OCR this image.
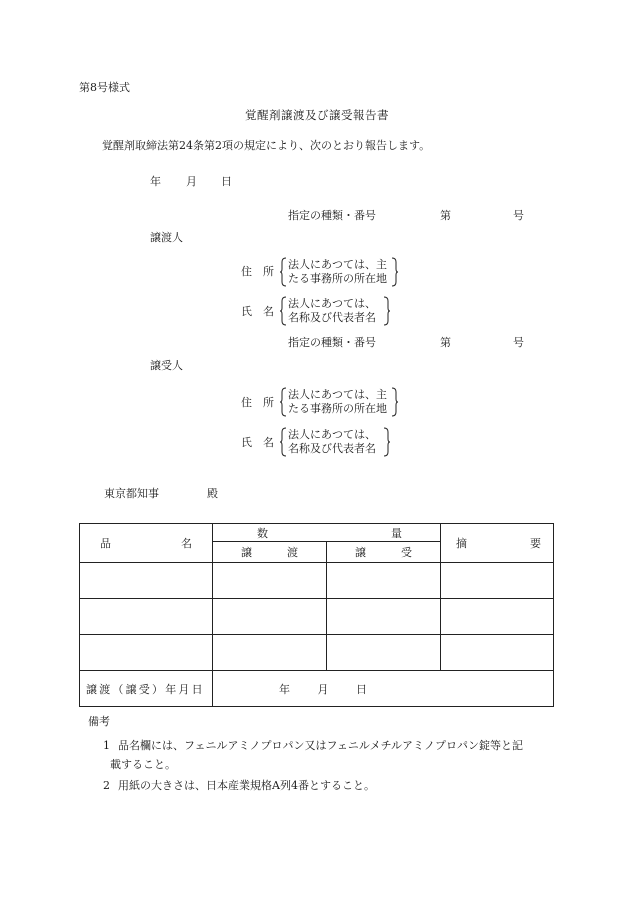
第8号様式
覚醒剤譲渡及び譲受報告書
覚醒剤取締法第24条第2項の規定により、次のとおり報告します。
年 月 日
指定の種類・番号	第	号
譲渡人
住　所
法人にあつては、主
たる事務所の所在地
氏　名
法人にあつては、
名称及び代表者名
指定の種類・番号	第	号
譲受人
住　所
法人にあつては、主
たる事務所の所在地
氏　名
法人にあつては、
名称及び代表者名
東京都知事	殿
品 名	数 量		摘 要

	譲 渡	譲 受	

譲渡（譲受）年月日	年 月 日		
備考
1 品名欄には、フェニルアミノプロパン又はフェニルメチルアミノプロパン錠等と記
載すること。
2 用紙の大きさは、日本産業規格A列4番とすること。
